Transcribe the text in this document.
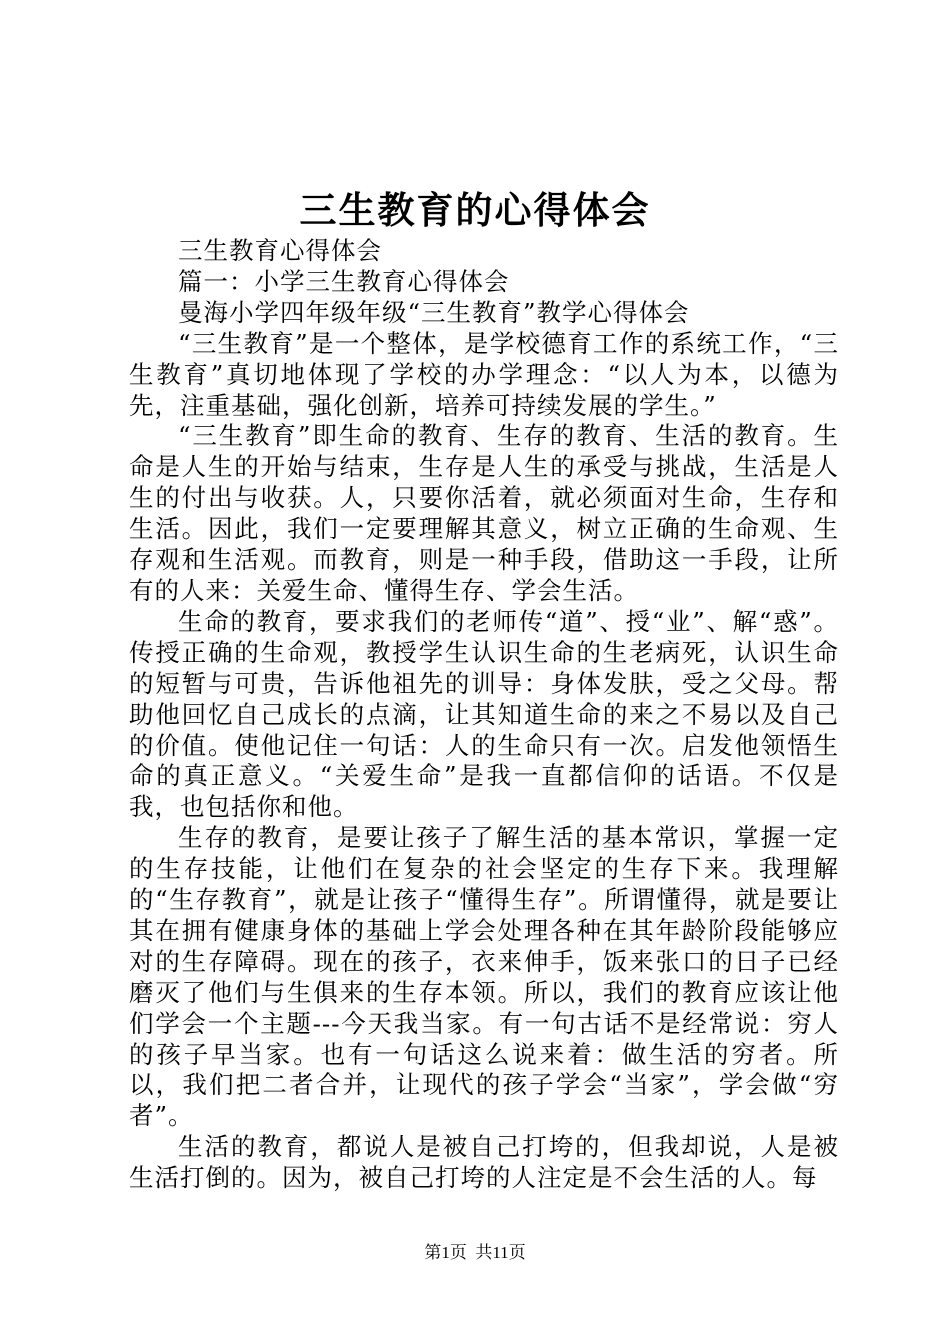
三生教育的心得体会

三生教育心得体会

篇一：小学三生教育心得体会

曼海小学四年级年级“三生教育”教学心得体会

“三生教育”是一个整体，是学校德育工作的系统工作，“三生教育”真切地体现了学校的办学理念：“以人为本，以德为先，注重基础，强化创新，培养可持续发展的学生。”

“三生教育”即生命的教育、生存的教育、生活的教育。生命是人生的开始与结束，生存是人生的承受与挑战，生活是人生的付出与收获。人，只要你活着，就必须面对生命，生存和生活。因此，我们一定要理解其意义，树立正确的生命观、生存观和生活观。而教育，则是一种手段，借助这一手段，让所有的人来：关爱生命、懂得生存、学会生活。

生命的教育，要求我们的老师传“道”、授“业”、解“惑”。传授正确的生命观，教授学生认识生命的生老病死，认识生命的短暂与可贵，告诉他祖先的训导：身体发肤，受之父母。帮助他回忆自己成长的点滴，让其知道生命的来之不易以及自己的价值。使他记住一句话：人的生命只有一次。启发他领悟生命的真正意义。“关爱生命”是我一直都信仰的话语。不仅是我，也包括你和他。

生存的教育，是要让孩子了解生活的基本常识，掌握一定的生存技能，让他们在复杂的社会坚定的生存下来。我理解的“生存教育”，就是让孩子“懂得生存”。所谓懂得，就是要让其在拥有健康身体的基础上学会处理各种在其年龄阶段能够应对的生存障碍。现在的孩子，衣来伸手，饭来张口的日子已经磨灭了他们与生俱来的生存本领。所以，我们的教育应该让他们学会一个主题---今天我当家。有一句古话不是经常说：穷人的孩子早当家。也有一句话这么说来着：做生活的穷者。所以，我们把二者合并，让现代的孩子学会“当家”，学会做“穷者”。

生活的教育，都说人是被自己打垮的，但我却说，人是被生活打倒的。因为，被自己打垮的人注定是不会生活的人。每

第1页 共11页
